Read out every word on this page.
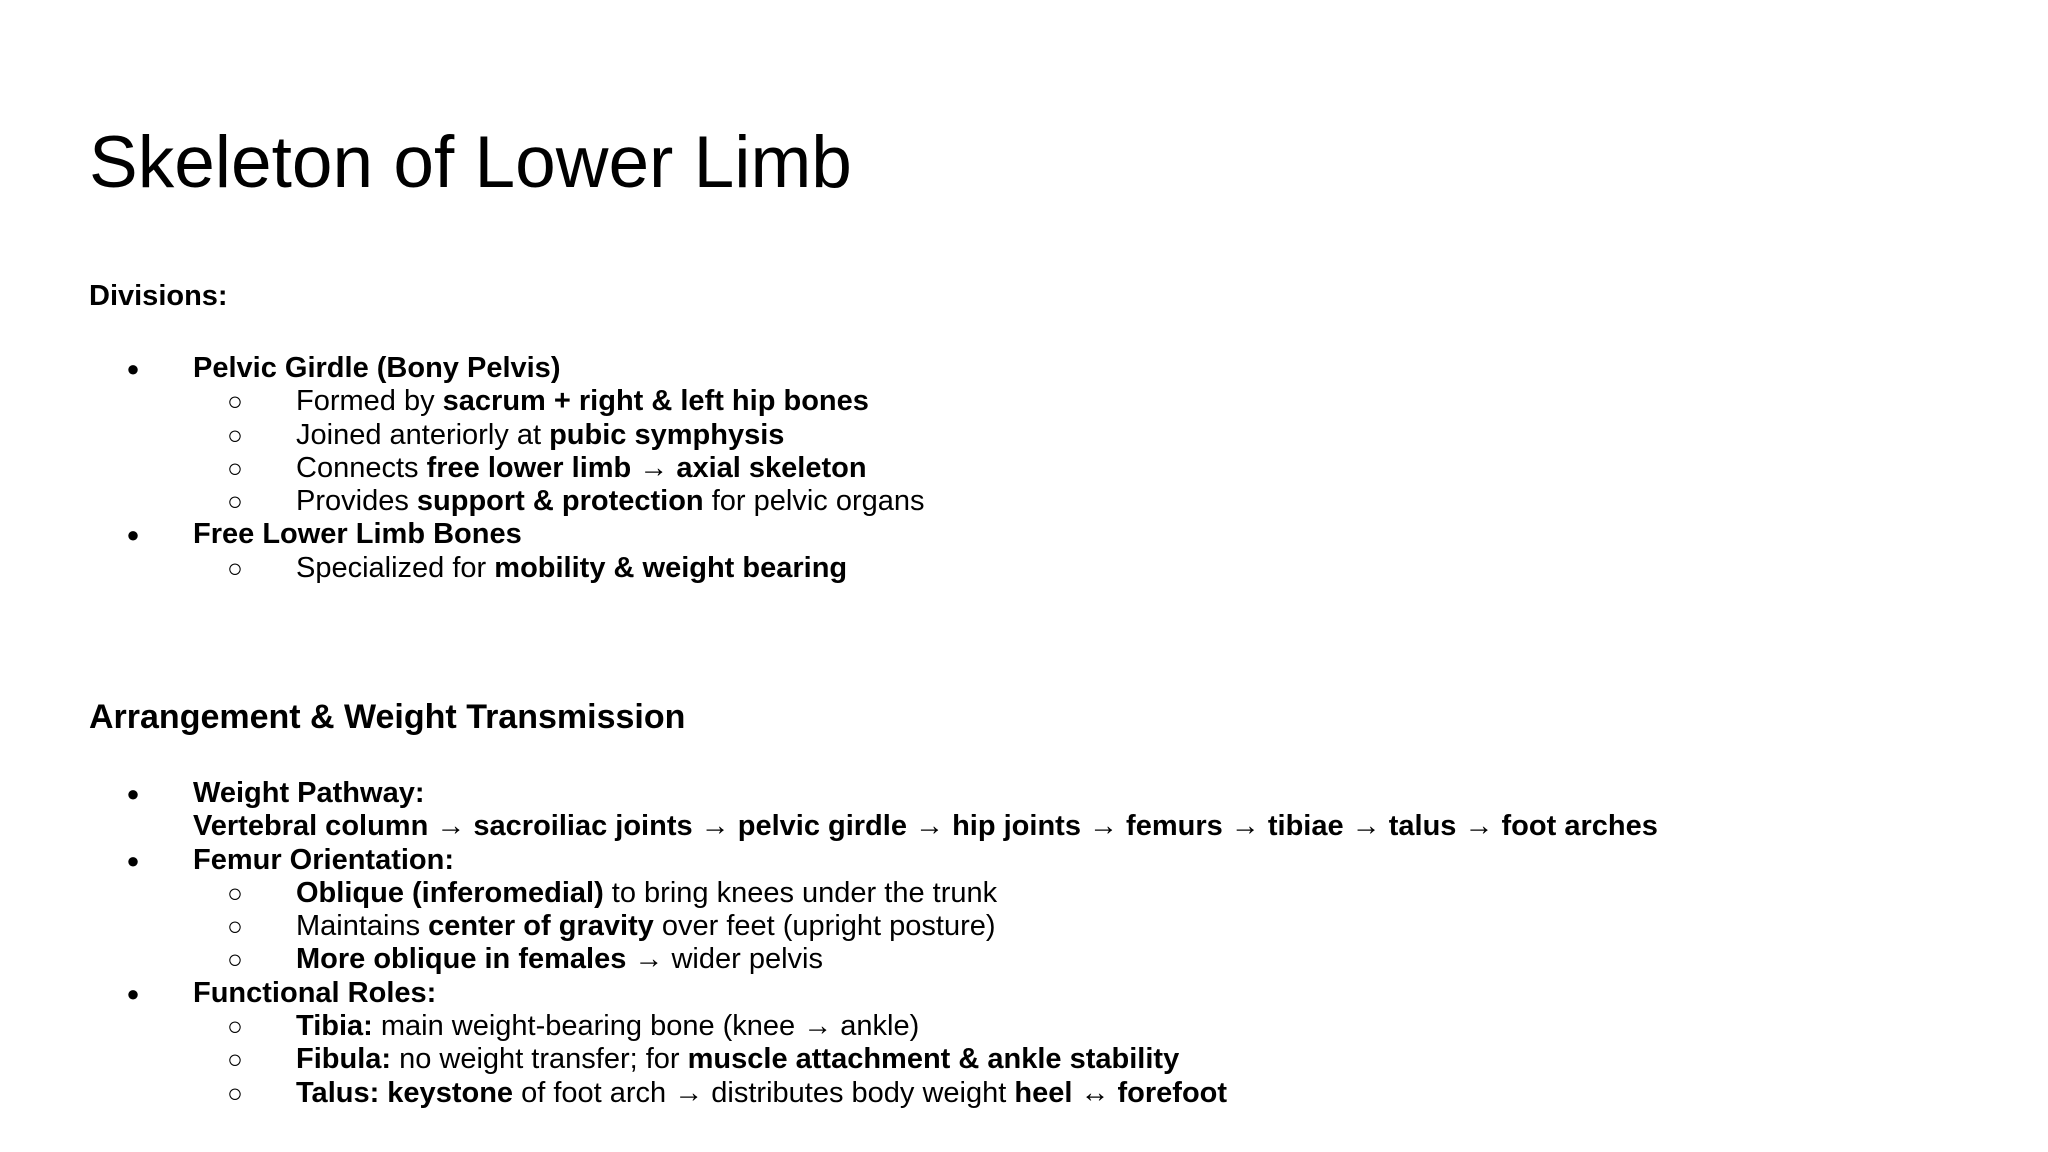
Skeleton of Lower Limb
Divisions:
● Pelvic Girdle (Bony Pelvis)
○ Formed by sacrum + right & left hip bones
○ Joined anteriorly at pubic symphysis
○ Connects free lower limb → axial skeleton
○ Provides support & protection for pelvic organs
● Free Lower Limb Bones
○ Specialized for mobility & weight bearing
Arrangement & Weight Transmission
● Weight Pathway:
Vertebral column → sacroiliac joints → pelvic girdle → hip joints → femurs → tibiae → talus → foot arches
● Femur Orientation:
○ Oblique (inferomedial) to bring knees under the trunk
○ Maintains center of gravity over feet (upright posture)
○ More oblique in females → wider pelvis
● Functional Roles:
○ Tibia: main weight-bearing bone (knee → ankle)
○ Fibula: no weight transfer; for muscle attachment & ankle stability
○ Talus: keystone of foot arch → distributes body weight heel ↔ forefoot
